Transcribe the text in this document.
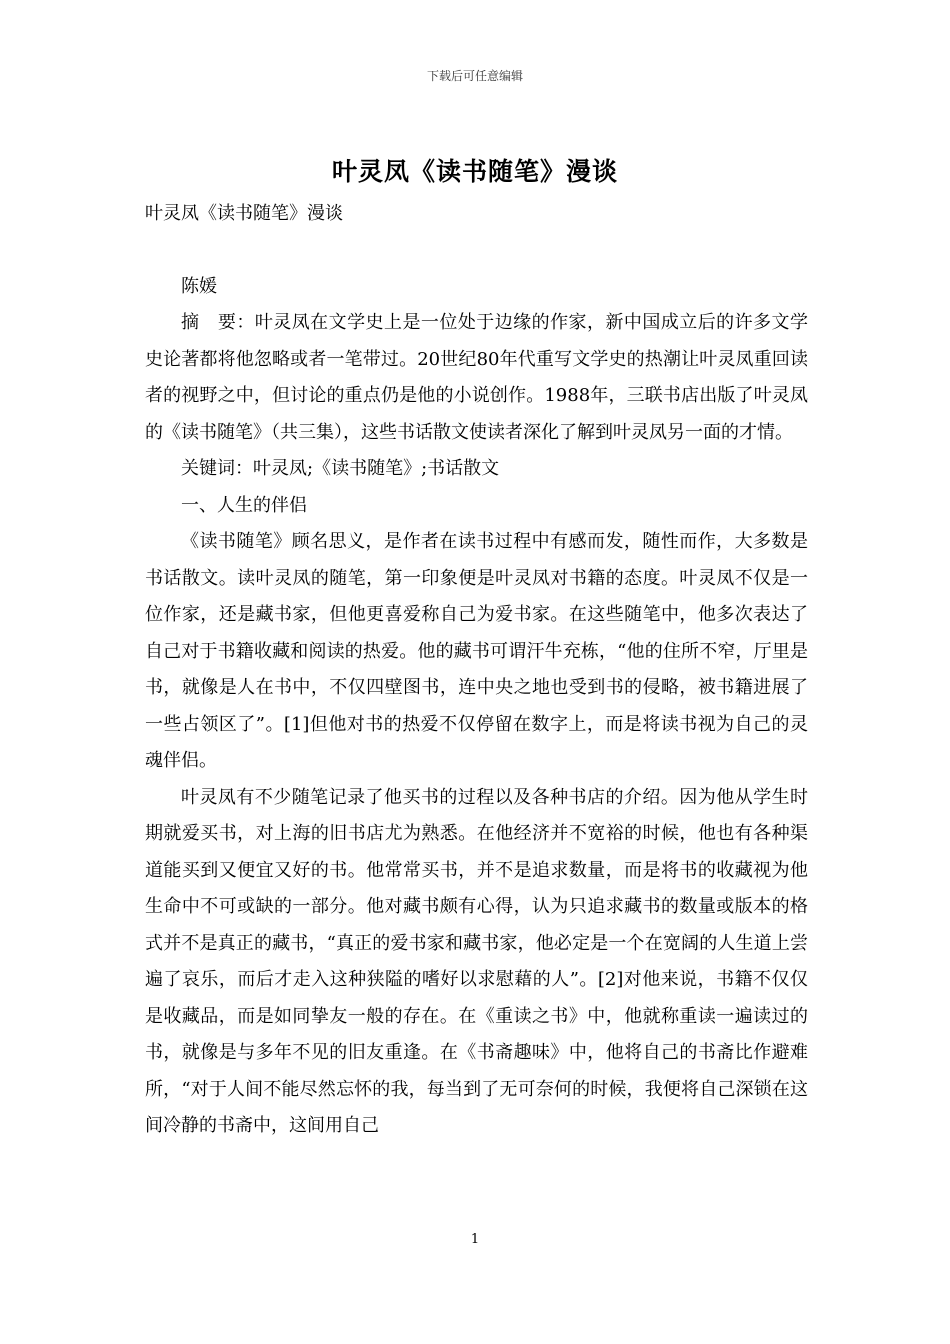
下载后可任意编辑
叶灵凤《读书随笔》漫谈

叶灵凤《读书随笔》漫谈

陈媛

摘　要：叶灵凤在文学史上是一位处于边缘的作家，新中国成立后的许多文学史论著都将他忽略或者一笔带过。20世纪80年代重写文学史的热潮让叶灵凤重回读者的视野之中，但讨论的重点仍是他的小说创作。1988年，三联书店出版了叶灵凤的《读书随笔》（共三集），这些书话散文使读者深化了解到叶灵凤另一面的才情。

关键词：叶灵凤;《读书随笔》;书话散文

一、人生的伴侣

《读书随笔》顾名思义，是作者在读书过程中有感而发，随性而作，大多数是书话散文。读叶灵凤的随笔，第一印象便是叶灵凤对书籍的态度。叶灵凤不仅是一位作家，还是藏书家，但他更喜爱称自己为爱书家。在这些随笔中，他多次表达了自己对于书籍收藏和阅读的热爱。他的藏书可谓汗牛充栋，“他的住所不窄，厅里是书，就像是人在书中，不仅四壁图书，连中央之地也受到书的侵略，被书籍进展了一些占领区了”。[1]但他对书的热爱不仅停留在数字上，而是将读书视为自己的灵魂伴侣。

叶灵凤有不少随笔记录了他买书的过程以及各种书店的介绍。因为他从学生时期就爱买书，对上海的旧书店尤为熟悉。在他经济并不宽裕的时候，他也有各种渠道能买到又便宜又好的书。他常常买书，并不是追求数量，而是将书的收藏视为他生命中不可或缺的一部分。他对藏书颇有心得，认为只追求藏书的数量或版本的格式并不是真正的藏书，“真正的爱书家和藏书家，他必定是一个在宽阔的人生道上尝遍了哀乐，而后才走入这种狭隘的嗜好以求慰藉的人”。[2]对他来说，书籍不仅仅是收藏品，而是如同挚友一般的存在。在《重读之书》中，他就称重读一遍读过的书，就像是与多年不见的旧友重逢。在《书斋趣味》中，他将自己的书斋比作避难所，“对于人间不能尽然忘怀的我，每当到了无可奈何的时候，我便将自己深锁在这间冷静的书斋中，这间用自己

1
